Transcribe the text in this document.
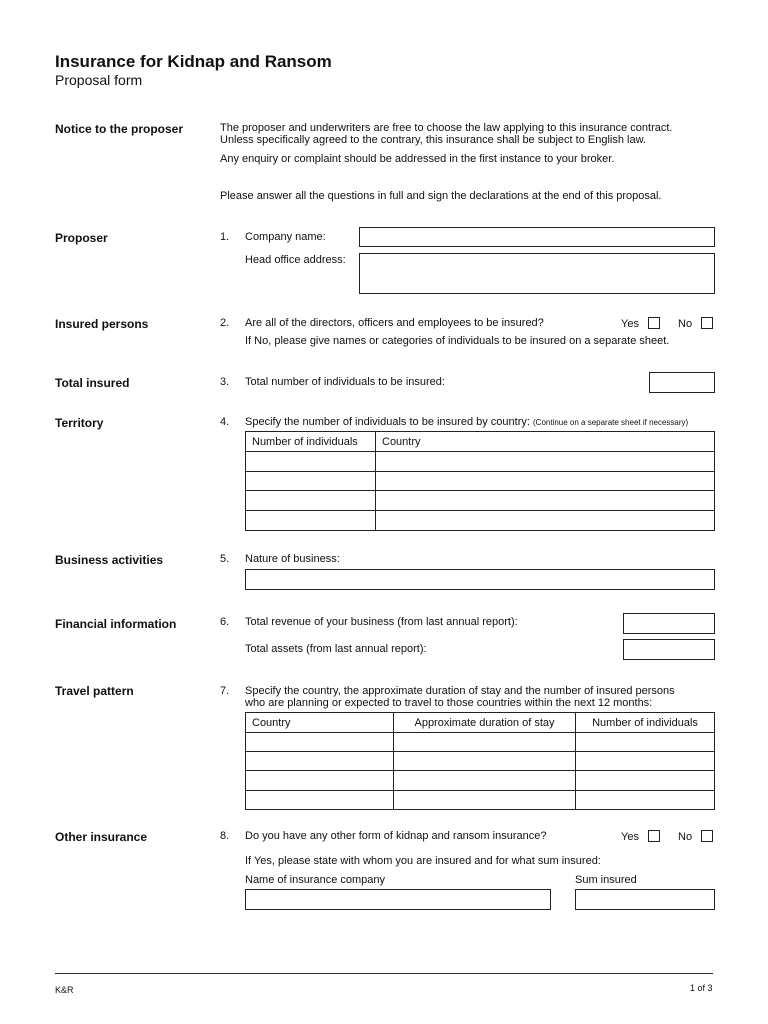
Insurance for Kidnap and Ransom
Proposal form
Notice to the proposer	The proposer and underwriters are free to choose the law applying to this insurance contract.
Unless specifically agreed to the contrary, this insurance shall be subject to English law.
Any enquiry or complaint should be addressed in the first instance to your broker.
Please answer all the questions in full and sign the declarations at the end of this proposal.
Proposer	1. Company name:
Head office address:
Insured persons	2. Are all of the directors, officers and employees to be insured?	Yes	No
If No, please give names or categories of individuals to be insured on a separate sheet.
Total insured	3. Total number of individuals to be insured:
Territory	4. Specify the number of individuals to be insured by country: (Continue on a separate sheet if necessary)
Number of individuals	Country

Business activities	5. Nature of business:
Financial information	6. Total revenue of your business (from last annual report):
Total assets (from last annual report):
Travel pattern	7. Specify the country, the approximate duration of stay and the number of insured persons
who are planning or expected to travel to those countries within the next 12 months:
Country	Approximate duration of stay	Number of individuals

Other insurance	8. Do you have any other form of kidnap and ransom insurance?	Yes	No
If Yes, please state with whom you are insured and for what sum insured:
Name of insurance company	Sum insured
K&R	1 of 3
